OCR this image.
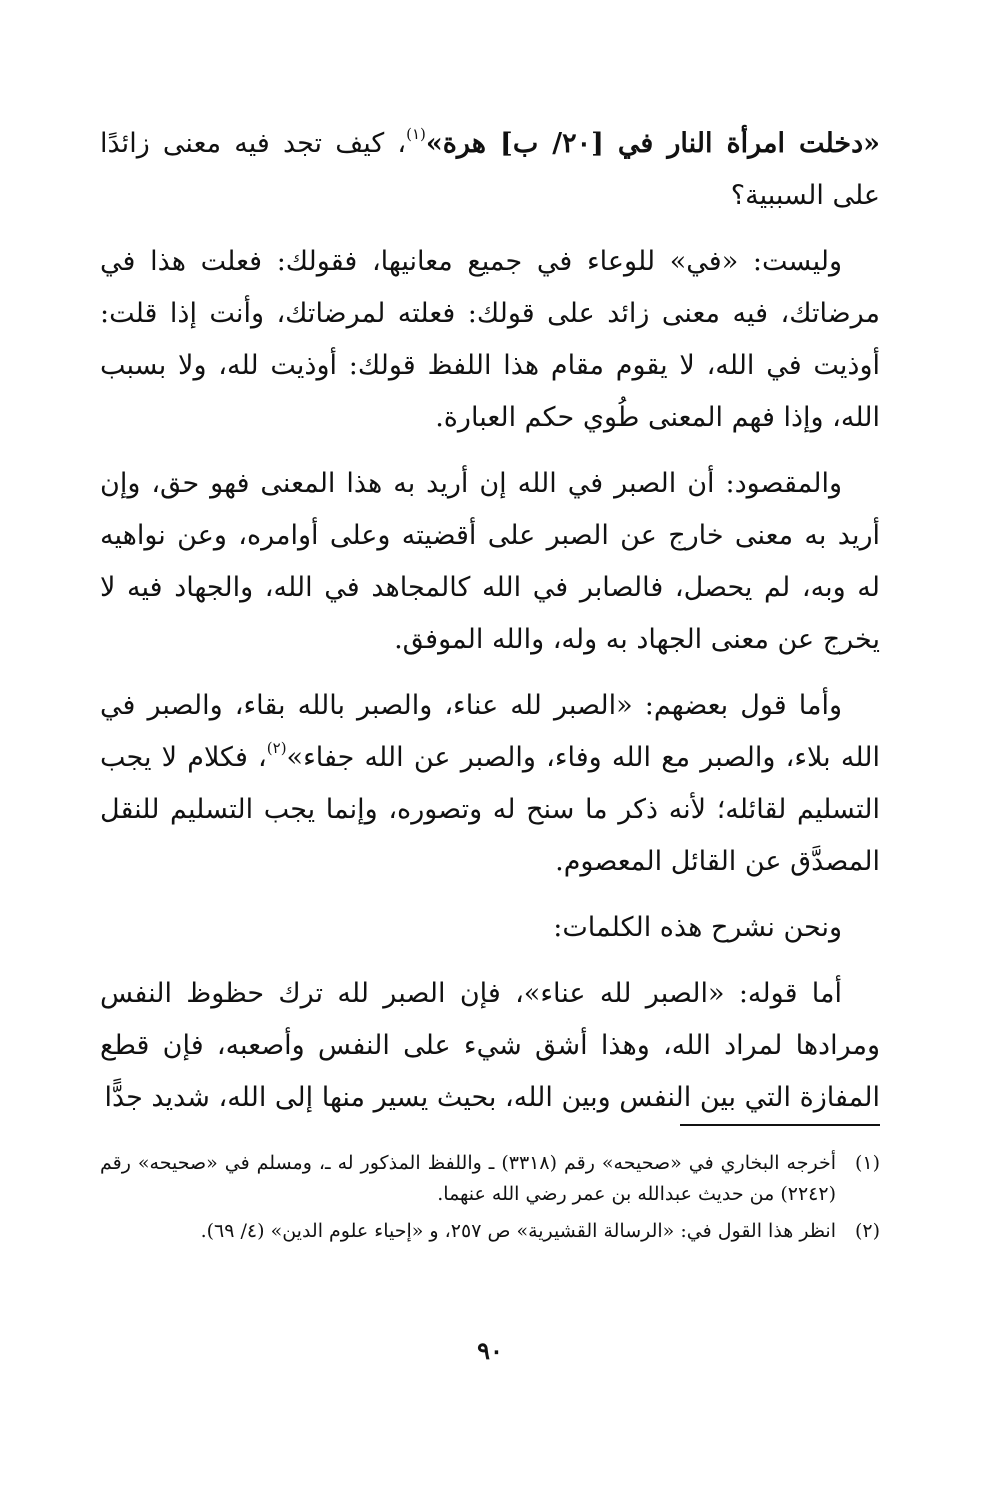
«دخلت امرأة النار في [٢٠/ ب] هرة»$^{(١)}$، كيف تجد فيه معنى زائدًا على السببية؟

وليست: «في» للوعاء في جميع معانيها، فقولك: فعلت هذا في مرضاتك، فيه معنى زائد على قولك: فعلته لمرضاتك، وأنت إذا قلت: أوذيت في الله، لا يقوم مقام هذا اللفظ قولك: أوذيت لله، ولا بسبب الله، وإذا فهم المعنى طُوي حكم العبارة.

والمقصود: أن الصبر في الله إن أريد به هذا المعنى فهو حق، وإن أريد به معنى خارج عن الصبر على أقضيته وعلى أوامره، وعن نواهيه له وبه، لم يحصل، فالصابر في الله كالمجاهد في الله، والجهاد فيه لا يخرج عن معنى الجهاد به وله، والله الموفق.

وأما قول بعضهم: «الصبر لله عناء، والصبر بالله بقاء، والصبر في الله بلاء، والصبر مع الله وفاء، والصبر عن الله جفاء»$^{(٢)}$، فكلام لا يجب التسليم لقائله؛ لأنه ذكر ما سنح له وتصوره، وإنما يجب التسليم للنقل المصدَّق عن القائل المعصوم.

ونحن نشرح هذه الكلمات:

أما قوله: «الصبر لله عناء»، فإن الصبر لله ترك حظوظ النفس ومرادها لمراد الله، وهذا أشق شيء على النفس وأصعبه، فإن قطع المفازة التي بين النفس وبين الله، بحيث يسير منها إلى الله، شديد جدًّا

(١)
أخرجه البخاري في «صحيحه» رقم (٣٣١٨) ـ واللفظ المذكور له ـ، ومسلم في «صحيحه» رقم (٢٢٤٢) من حديث عبدالله بن عمر رضي الله عنهما.
(٢)
انظر هذا القول في: «الرسالة القشيرية» ص ٢٥٧، و «إحياء علوم الدين» (٤/ ٦٩).
٩٠
